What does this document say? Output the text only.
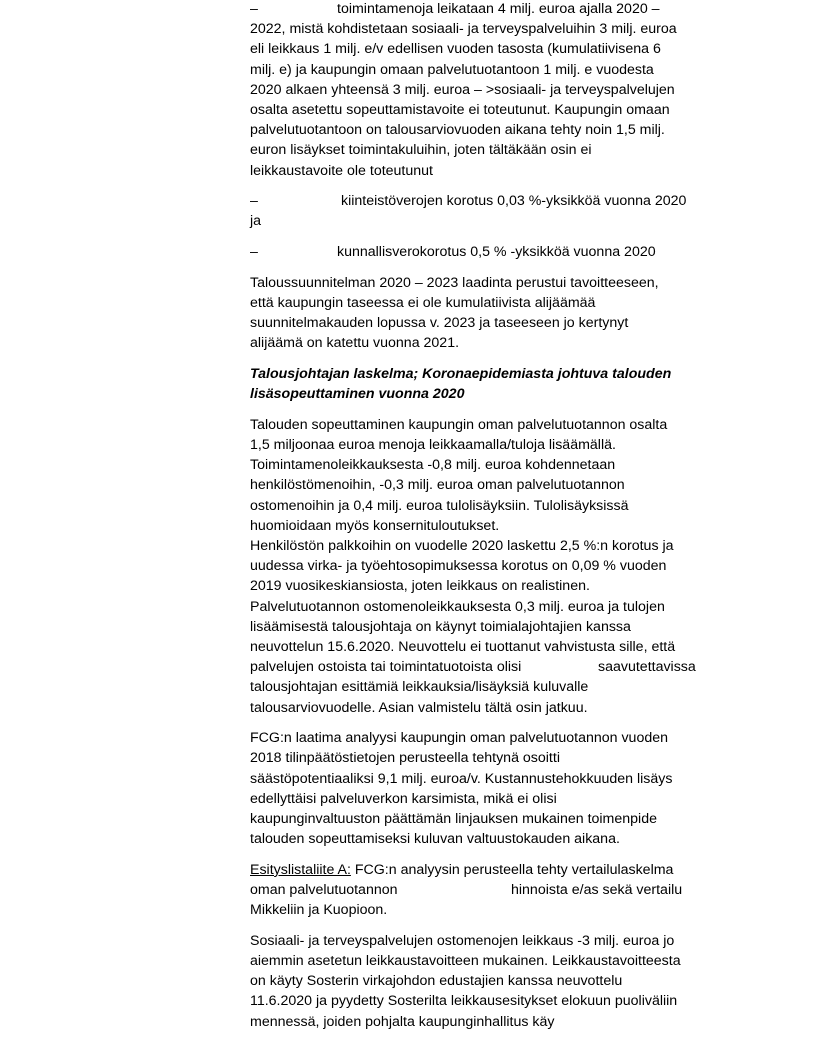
–	toimintamenoja leikataan 4 milj. euroa ajalla 2020 –
2022, mistä kohdistetaan sosiaali- ja terveyspalveluihin 3 milj. euroa
eli leikkaus 1 milj. e/v edellisen vuoden tasosta (kumulatiivisena 6
milj. e) ja kaupungin omaan palvelutuotantoon 1 milj. e vuodesta
2020 alkaen yhteensä 3 milj. euroa – >sosiaali- ja terveyspalvelujen
osalta asetettu sopeuttamistavoite ei toteutunut. Kaupungin omaan
palvelutuotantoon on talousarviovuoden aikana tehty noin 1,5 milj.
euron lisäykset toimintakuluihin, joten tältäkään osin ei
leikkaustavoite ole toteutunut
–	kiinteistöverojen korotus 0,03 %-yksikköä vuonna 2020
ja
–	kunnallisverokorotus 0,5 % -yksikköä vuonna 2020
Taloussuunnitelman 2020 – 2023 laadinta perustui tavoitteeseen,
että kaupungin taseessa ei ole kumulatiivista alijäämää
suunnitelmakauden lopussa v. 2023 ja taseeseen jo kertynyt
alijäämä on katettu vuonna 2021.
Talousjohtajan laskelma; Koronaepidemiasta johtuva talouden
lisäsopeuttaminen vuonna 2020
Talouden sopeuttaminen kaupungin oman palvelutuotannon osalta
1,5 miljoonaa euroa menoja leikkaamalla/tuloja lisäämällä.
Toimintamenoleikkauksesta -0,8 milj. euroa kohdennetaan
henkilöstömenoihin, -0,3 milj. euroa oman palvelutuotannon
ostomenoihin ja 0,4 milj. euroa tulolisäyksiin. Tulolisäyksissä
huomioidaan myös konsernituloutukset.
Henkilöstön palkkoihin on vuodelle 2020 laskettu 2,5 %:n korotus ja
uudessa virka- ja työehtosopimuksessa korotus on 0,09 % vuoden
2019 vuosikeskiansiosta, joten leikkaus on realistinen.
Palvelutuotannon ostomenoleikkauksesta 0,3 milj. euroa ja tulojen
lisäämisestä talousjohtaja on käynyt toimialajohtajien kanssa
neuvottelun 15.6.2020. Neuvottelu ei tuottanut vahvistusta sille, että
palvelujen ostoista tai toimintatuotoista olisi	saavutettavissa
talousjohtajan esittämiä leikkauksia/lisäyksiä kuluvalle
talousarviovuodelle. Asian valmistelu tältä osin jatkuu.
FCG:n laatima analyysi kaupungin oman palvelutuotannon vuoden
2018 tilinpäätöstietojen perusteella tehtynä osoitti
säästöpotentiaaliksi 9,1 milj. euroa/v. Kustannustehokkuuden lisäys
edellyttäisi palveluverkon karsimista, mikä ei olisi
kaupunginvaltuuston päättämän linjauksen mukainen toimenpide
talouden sopeuttamiseksi kuluvan valtuustokauden aikana.
Esityslistaliite A: FCG:n analyysin perusteella tehty vertailulaskelma
oman palvelutuotannon	hinnoista e/as sekä vertailu
Mikkeliin ja Kuopioon.
Sosiaali- ja terveyspalvelujen ostomenojen leikkaus -3 milj. euroa jo
aiemmin asetetun leikkaustavoitteen mukainen. Leikkaustavoitteesta
on käyty Sosterin virkajohdon edustajien kanssa neuvottelu
11.6.2020 ja pyydetty Sosterilta leikkausesitykset elokuun puoliväliin
mennessä, joiden pohjalta kaupunginhallitus käy
